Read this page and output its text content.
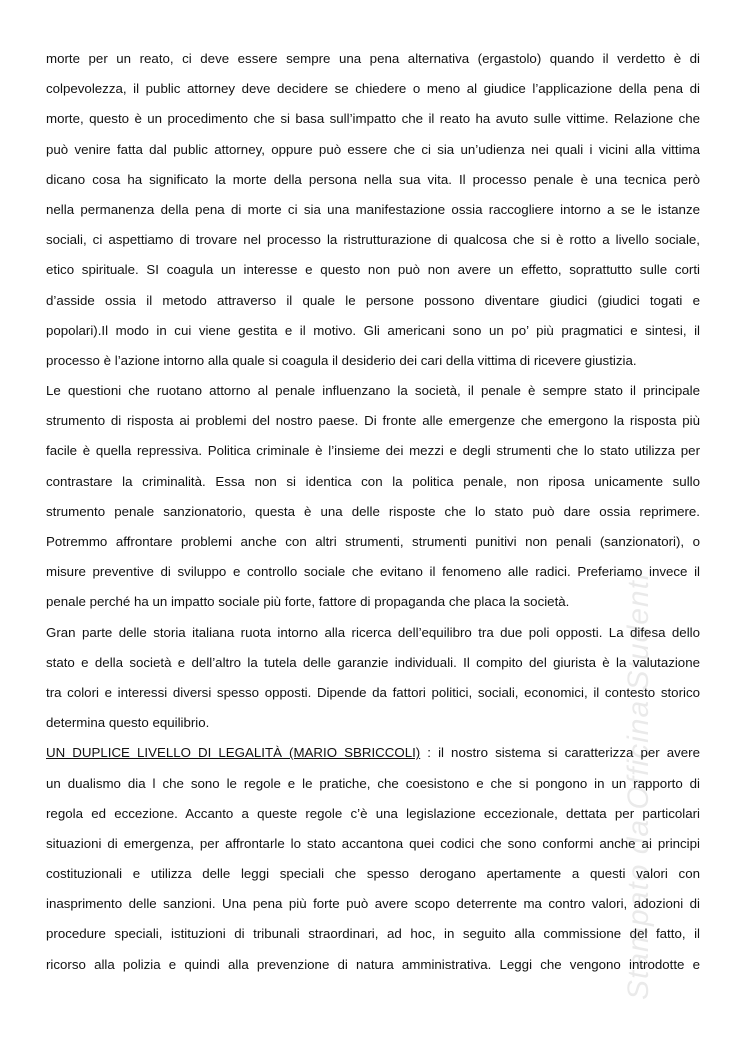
morte per un reato, ci deve essere sempre una pena alternativa (ergastolo) quando il verdetto è di
colpevolezza, il public attorney deve decidere se chiedere o meno al giudice l’applicazione della pena di
morte, questo è un procedimento che si basa sull’impatto che il reato ha avuto sulle vittime. Relazione che
può venire fatta dal public attorney, oppure può essere che ci sia un’udienza nei quali i vicini alla vittima
dicano cosa ha significato la morte della persona nella sua vita. Il processo penale è una tecnica però
nella permanenza della pena di morte ci sia una manifestazione ossia raccogliere intorno a se le istanze
sociali, ci aspettiamo di trovare nel processo la ristrutturazione di qualcosa che si è rotto a livello sociale,
etico spirituale. SI coagula un interesse e questo non può non avere un effetto, soprattutto sulle corti
d’asside ossia il metodo attraverso il quale le persone possono diventare giudici (giudici togati e
popolari).Il modo in cui viene gestita e il motivo. Gli americani sono un po’ più pragmatici e sintesi, il
processo è l’azione intorno alla quale si coagula il desiderio dei cari della vittima di ricevere giustizia.
Le questioni che ruotano attorno al penale influenzano la società, il penale è sempre stato il principale
strumento di risposta ai problemi del nostro paese. Di fronte alle emergenze che emergono la risposta più
facile è quella repressiva. Politica criminale è l’insieme dei mezzi e degli strumenti che lo stato utilizza per
contrastare la criminalità. Essa non si identica con la politica penale, non riposa unicamente sullo
strumento penale sanzionatorio, questa è una delle risposte che lo stato può dare ossia reprimere.
Potremmo affrontare problemi anche con altri strumenti, strumenti punitivi non penali (sanzionatori), o
misure preventive di sviluppo e controllo sociale che evitano il fenomeno alle radici. Preferiamo invece il
penale perché ha un impatto sociale più forte, fattore di propaganda che placa la società.
Gran parte delle storia italiana ruota intorno alla ricerca dell’equilibro tra due poli opposti. La difesa dello
stato e della società e dell’altro la tutela delle garanzie individuali. Il compito del giurista è la valutazione
tra colori e interessi diversi spesso opposti. Dipende da fattori politici, sociali, economici, il contesto storico
determina questo equilibrio.
UN DUPLICE LIVELLO DI LEGALITÀ (MARIO SBRICCOLI) : il nostro sistema si caratterizza per avere
un dualismo dia l che sono le regole e le pratiche, che coesistono e che si pongono in un rapporto di
regola ed eccezione. Accanto a queste regole c’è una legislazione eccezionale, dettata per particolari
situazioni di emergenza, per affrontarle lo stato accantona quei codici che sono conformi anche ai principi
costituzionali e utilizza delle leggi speciali che spesso derogano apertamente a questi valori con
inasprimento delle sanzioni. Una pena più forte può avere scopo deterrente ma contro valori, adozioni di
procedure speciali, istituzioni di tribunali straordinari, ad hoc, in seguito alla commissione del fatto, il
ricorso alla polizia e quindi alla prevenzione di natura amministrativa. Leggi che vengono introdotte e
Stampato da Officina Studenti
